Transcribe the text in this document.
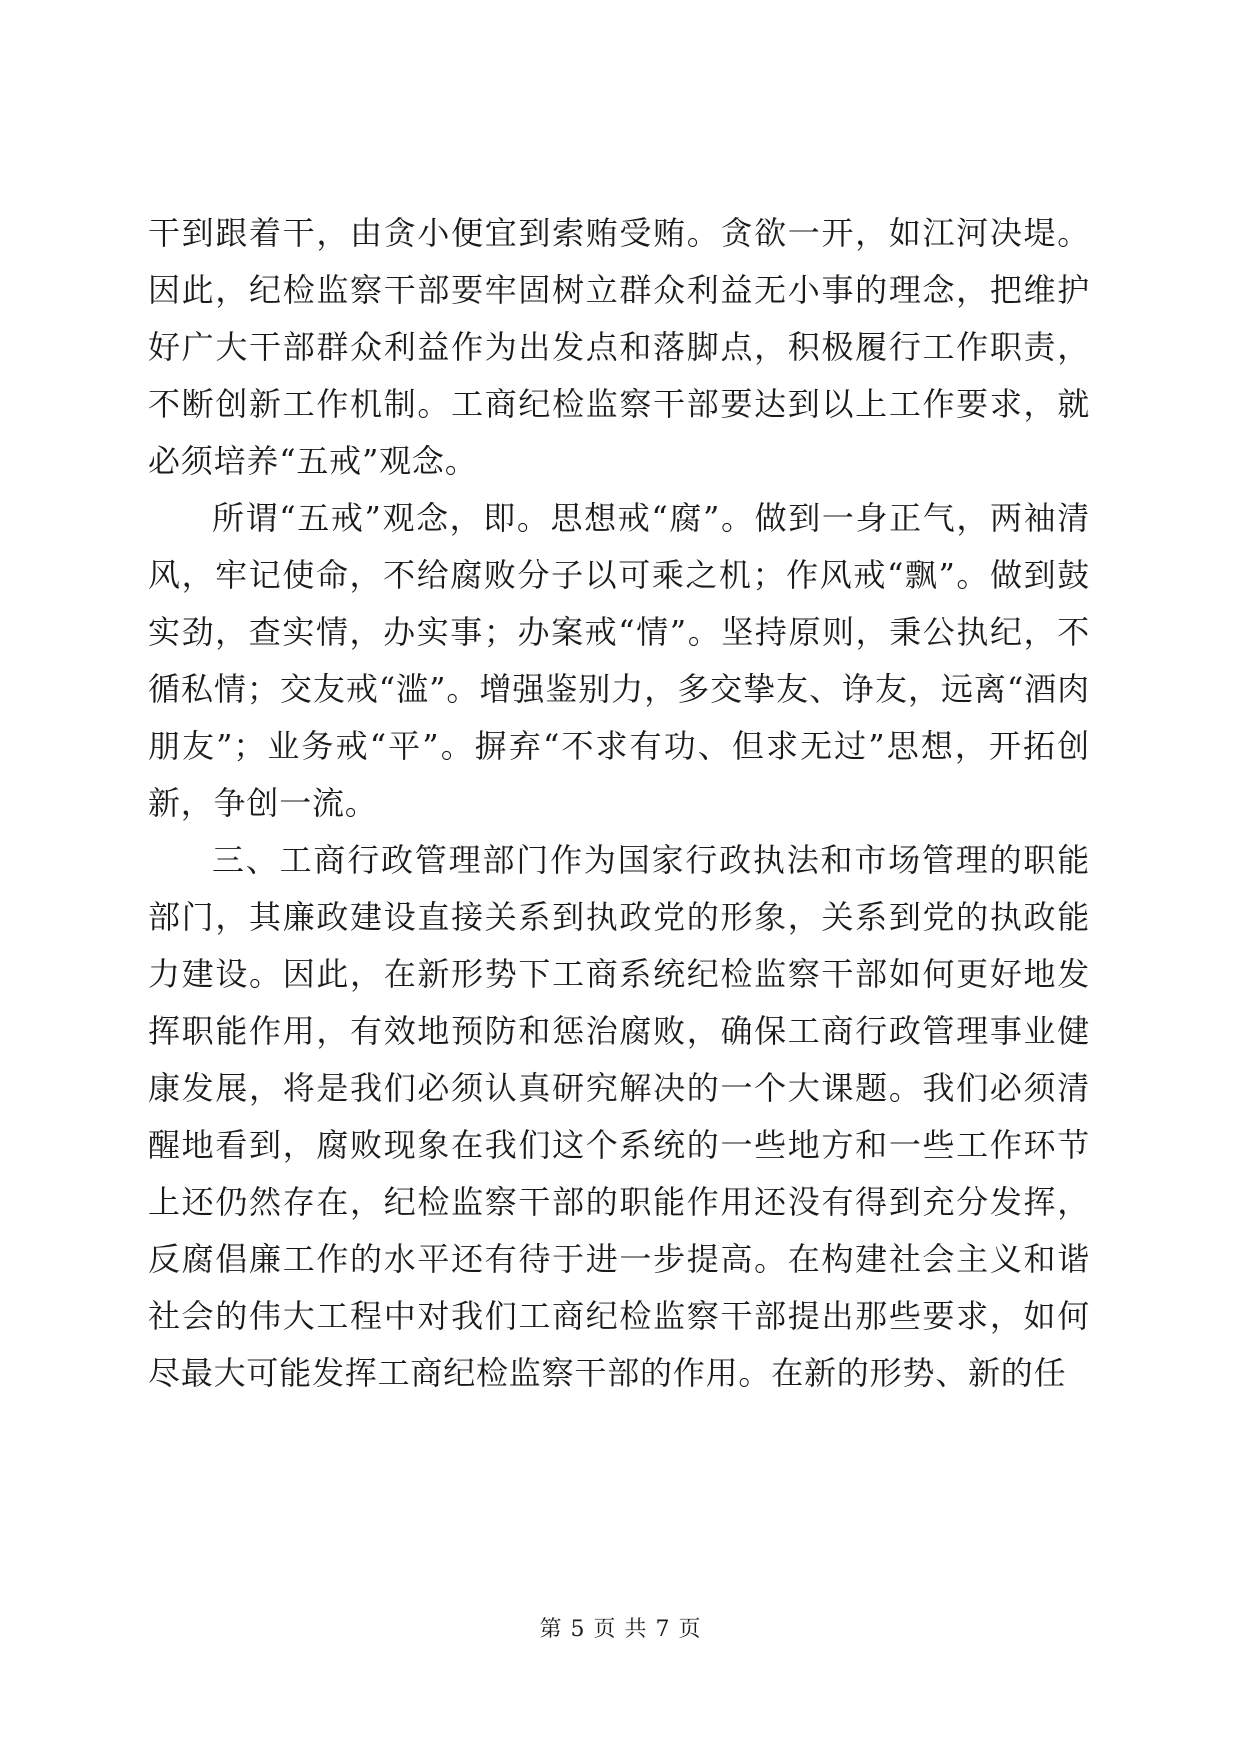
干到跟着干，由贪小便宜到索贿受贿。贪欲一开，如江河决堤。因此，纪检监察干部要牢固树立群众利益无小事的理念，把维护好广大干部群众利益作为出发点和落脚点，积极履行工作职责，不断创新工作机制。工商纪检监察干部要达到以上工作要求，就必须培养“五戒”观念。

所谓“五戒”观念，即。思想戒“腐”。做到一身正气，两袖清风，牢记使命，不给腐败分子以可乘之机；作风戒“飘”。做到鼓实劲，查实情，办实事；办案戒“情”。坚持原则，秉公执纪，不循私情；交友戒“滥”。增强鉴别力，多交挚友、诤友，远离“酒肉朋友”；业务戒“平”。摒弃“不求有功、但求无过”思想，开拓创新，争创一流。

三、工商行政管理部门作为国家行政执法和市场管理的职能部门，其廉政建设直接关系到执政党的形象，关系到党的执政能力建设。因此，在新形势下工商系统纪检监察干部如何更好地发挥职能作用，有效地预防和惩治腐败，确保工商行政管理事业健康发展，将是我们必须认真研究解决的一个大课题。我们必须清醒地看到，腐败现象在我们这个系统的一些地方和一些工作环节上还仍然存在，纪检监察干部的职能作用还没有得到充分发挥，反腐倡廉工作的水平还有待于进一步提高。在构建社会主义和谐社会的伟大工程中对我们工商纪检监察干部提出那些要求，如何尽最大可能发挥工商纪检监察干部的作用。在新的形势、新的任

第 5 页 共 7 页
